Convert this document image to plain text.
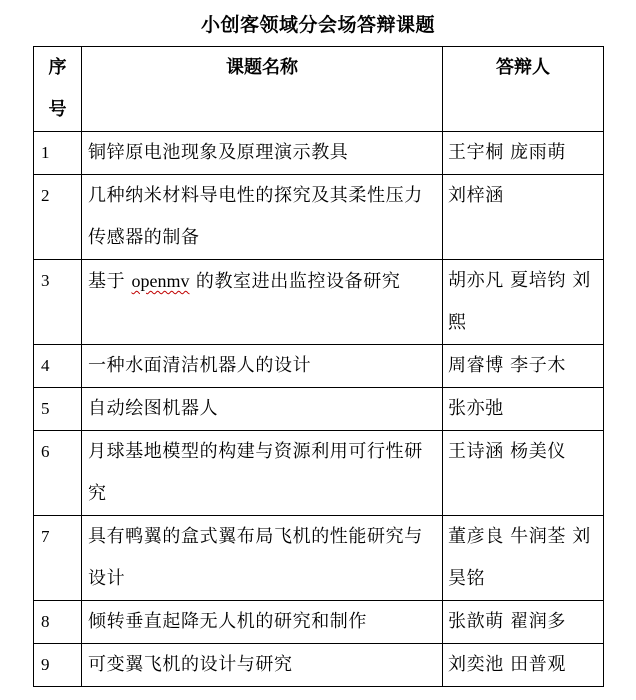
小创客领域分会场答辩课题
序号	课题名称	答辩人
1	铜锌原电池现象及原理演示教具	王宇桐 庞雨萌
2	几种纳米材料导电性的探究及其柔性压力传感器的制备	刘梓涵
3	基于 openmv 的教室进出监控设备研究	胡亦凡 夏培钧 刘熙
4	一种水面清洁机器人的设计	周睿博 李子木
5	自动绘图机器人	张亦弛
6	月球基地模型的构建与资源利用可行性研究	王诗涵 杨美仪
7	具有鸭翼的盒式翼布局飞机的性能研究与设计	董彦良 牛润荃 刘昊铭
8	倾转垂直起降无人机的研究和制作	张歆萌 翟润多
9	可变翼飞机的设计与研究	刘奕池 田普观
